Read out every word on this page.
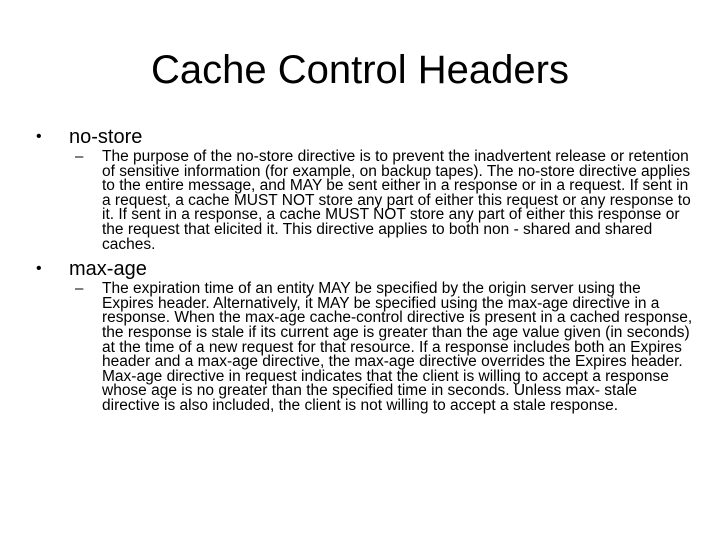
Cache Control Headers
• no-store
– The purpose of the no-store directive is to prevent the inadvertent release or retention of sensitive information (for example, on backup tapes). The no-store directive applies to the entire message, and MAY be sent either in a response or in a request. If sent in a request, a cache MUST NOT store any part of either this request or any response to it. If sent in a response, a cache MUST NOT store any part of either this response or the request that elicited it. This directive applies to both non - shared and shared caches.
• max-age
– The expiration time of an entity MAY be specified by the origin server using the Expires header. Alternatively, it MAY be specified using the max-age directive in a response. When the max-age cache-control directive is present in a cached response, the response is stale if its current age is greater than the age value given (in seconds) at the time of a new request for that resource. If a response includes both an Expires header and a max-age directive, the max-age directive overrides the Expires header. Max-age directive in request indicates that the client is willing to accept a response whose age is no greater than the specified time in seconds. Unless max- stale directive is also included, the client is not willing to accept a stale response.
